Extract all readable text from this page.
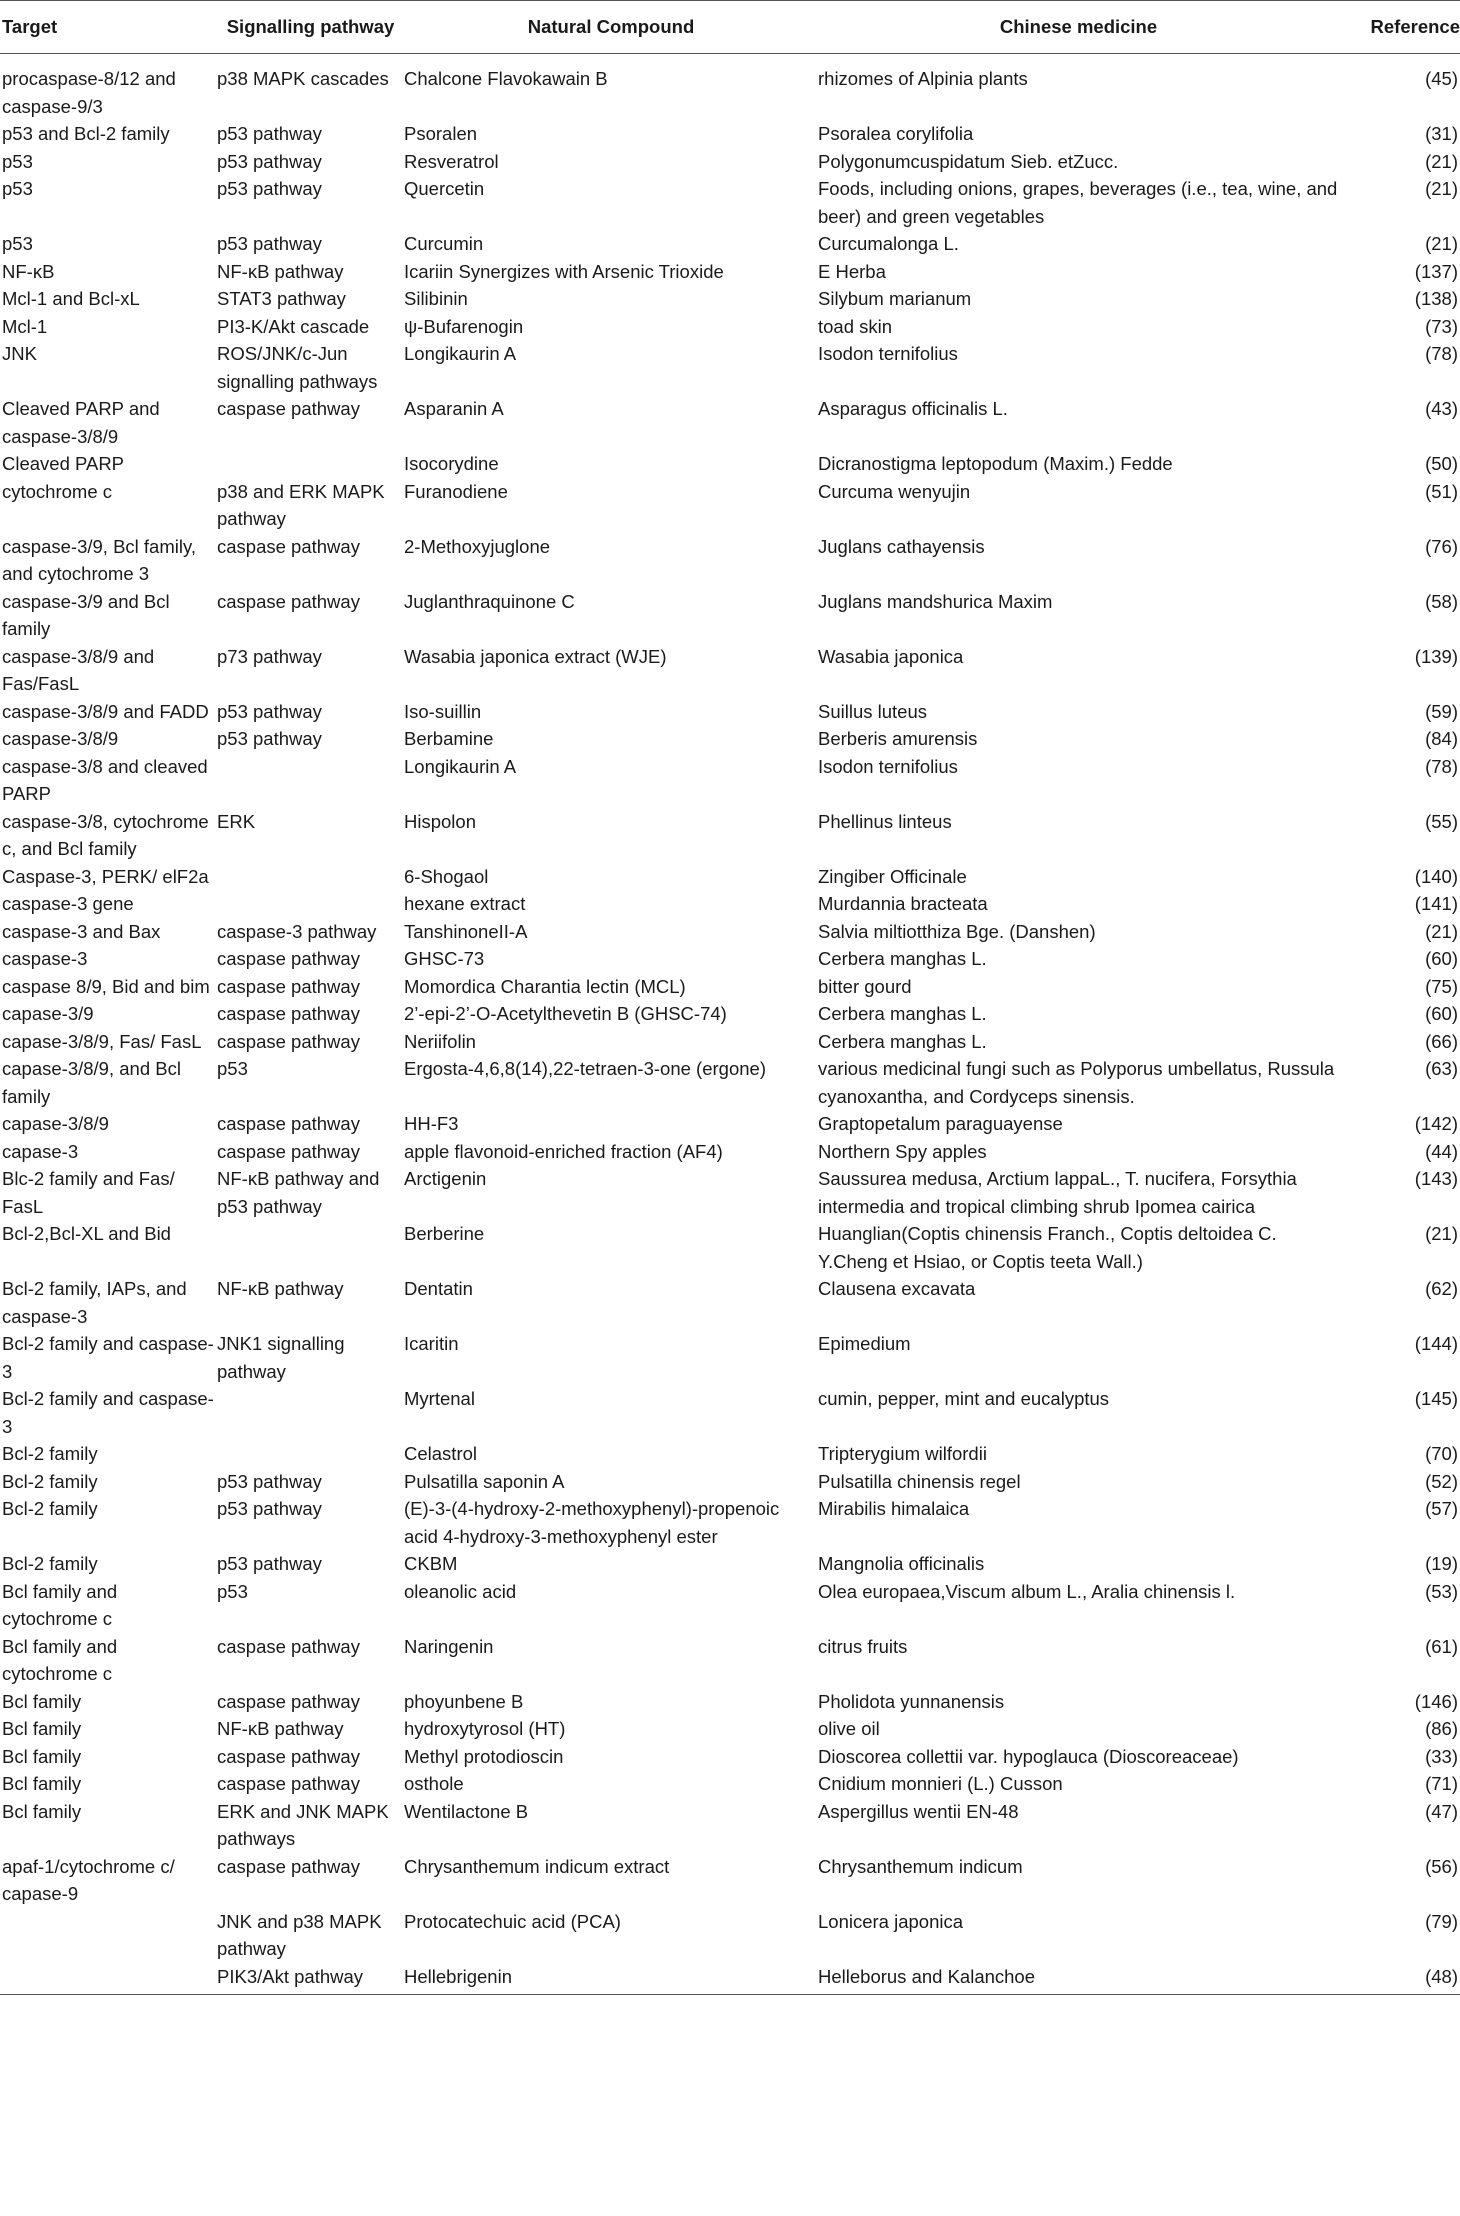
Target	Signalling pathway	Natural Compound	Chinese medicine	Reference
procaspase-8/12 and caspase-9/3	p38 MAPK cascades	Chalcone Flavokawain B	rhizomes of Alpinia plants	(45)
p53 and Bcl-2 family	p53 pathway	Psoralen	Psoralea corylifolia	(31)
p53	p53 pathway	Resveratrol	Polygonumcuspidatum Sieb. etZucc.	(21)
p53	p53 pathway	Quercetin	Foods, including onions, grapes, beverages (i.e., tea, wine, and beer) and green vegetables	(21)
p53	p53 pathway	Curcumin	Curcumalonga L.	(21)
NF-κB	NF-κB pathway	Icariin Synergizes with Arsenic Trioxide	E Herba	(137)
Mcl-1 and Bcl-xL	STAT3 pathway	Silibinin	Silybum marianum	(138)
Mcl-1	PI3-K/Akt cascade	ψ-Bufarenogin	toad skin	(73)
JNK	ROS/JNK/c-Jun signalling pathways	Longikaurin A	Isodon ternifolius	(78)
Cleaved PARP and caspase-3/8/9	caspase pathway	Asparanin A	Asparagus officinalis L.	(43)
Cleaved PARP		Isocorydine	Dicranostigma leptopodum (Maxim.) Fedde	(50)
cytochrome c	p38 and ERK MAPK pathway	Furanodiene	Curcuma wenyujin	(51)
caspase-3/9, Bcl family, and cytochrome 3	caspase pathway	2-Methoxyjuglone	Juglans cathayensis	(76)
caspase-3/9 and Bcl family	caspase pathway	Juglanthraquinone C	Juglans mandshurica Maxim	(58)
caspase-3/8/9 and Fas/FasL	p73 pathway	Wasabia japonica extract (WJE)	Wasabia japonica	(139)
caspase-3/8/9 and FADD	p53 pathway	Iso-suillin	Suillus luteus	(59)
caspase-3/8/9	p53 pathway	Berbamine	Berberis amurensis	(84)
caspase-3/8 and cleaved PARP		Longikaurin A	Isodon ternifolius	(78)
caspase-3/8, cytochrome c, and Bcl family	ERK	Hispolon	Phellinus linteus	(55)
Caspase-3, PERK/ elF2a		6-Shogaol	Zingiber Officinale	(140)
caspase-3 gene		hexane extract	Murdannia bracteata	(141)
caspase-3 and Bax	caspase-3 pathway	TanshinoneII-A	Salvia miltiotthiza Bge. (Danshen)	(21)
caspase-3	caspase pathway	GHSC-73	Cerbera manghas L.	(60)
caspase 8/9, Bid and bim	caspase pathway	Momordica Charantia lectin (MCL)	bitter gourd	(75)
capase-3/9	caspase pathway	2’-epi-2’-O-Acetylthevetin B (GHSC-74)	Cerbera manghas L.	(60)
capase-3/8/9, Fas/ FasL	caspase pathway	Neriifolin	Cerbera manghas L.	(66)
capase-3/8/9, and Bcl family	p53	Ergosta-4,6,8(14),22-tetraen-3-one (ergone)	various medicinal fungi such as Polyporus umbellatus, Russula cyanoxantha, and Cordyceps sinensis.	(63)
capase-3/8/9	caspase pathway	HH-F3	Graptopetalum paraguayense	(142)
capase-3	caspase pathway	apple flavonoid-enriched fraction (AF4)	Northern Spy apples	(44)
Blc-2 family and Fas/ FasL	NF-κB pathway and p53 pathway	Arctigenin	Saussurea medusa, Arctium lappaL., T. nucifera, Forsythia intermedia and tropical climbing shrub Ipomea cairica	(143)
Bcl-2,Bcl-XL and Bid		Berberine	Huanglian(Coptis chinensis Franch., Coptis deltoidea C. Y.Cheng et Hsiao, or Coptis teeta Wall.)	(21)
Bcl-2 family, IAPs, and caspase-3	NF-κB pathway	Dentatin	Clausena excavata	(62)
Bcl-2 family and caspase-3	JNK1 signalling pathway	Icaritin	Epimedium	(144)
Bcl-2 family and caspase-3		Myrtenal	cumin, pepper, mint and eucalyptus	(145)
Bcl-2 family		Celastrol	Tripterygium wilfordii	(70)
Bcl-2 family	p53 pathway	Pulsatilla saponin A	Pulsatilla chinensis regel	(52)
Bcl-2 family	p53 pathway	(E)-3-(4-hydroxy-2-methoxyphenyl)-propenoic acid 4-hydroxy-3-methoxyphenyl ester	Mirabilis himalaica	(57)
Bcl-2 family	p53 pathway	CKBM	Mangnolia officinalis	(19)
Bcl family and cytochrome c	p53	oleanolic acid	Olea europaea,Viscum album L., Aralia chinensis l.	(53)
Bcl family and cytochrome c	caspase pathway	Naringenin	citrus fruits	(61)
Bcl family	caspase pathway	phoyunbene B	Pholidota yunnanensis	(146)
Bcl family	NF-κB pathway	hydroxytyrosol (HT)	olive oil	(86)
Bcl family	caspase pathway	Methyl protodioscin	Dioscorea collettii var. hypoglauca (Dioscoreaceae)	(33)
Bcl family	caspase pathway	osthole	Cnidium monnieri (L.) Cusson	(71)
Bcl family	ERK and JNK MAPK pathways	Wentilactone B	Aspergillus wentii EN-48	(47)
apaf-1/cytochrome c/ capase-9	caspase pathway	Chrysanthemum indicum extract	Chrysanthemum indicum	(56)
	JNK and p38 MAPK pathway	Protocatechuic acid (PCA)	Lonicera japonica	(79)
	PIK3/Akt pathway	Hellebrigenin	Helleborus and Kalanchoe	(48)
